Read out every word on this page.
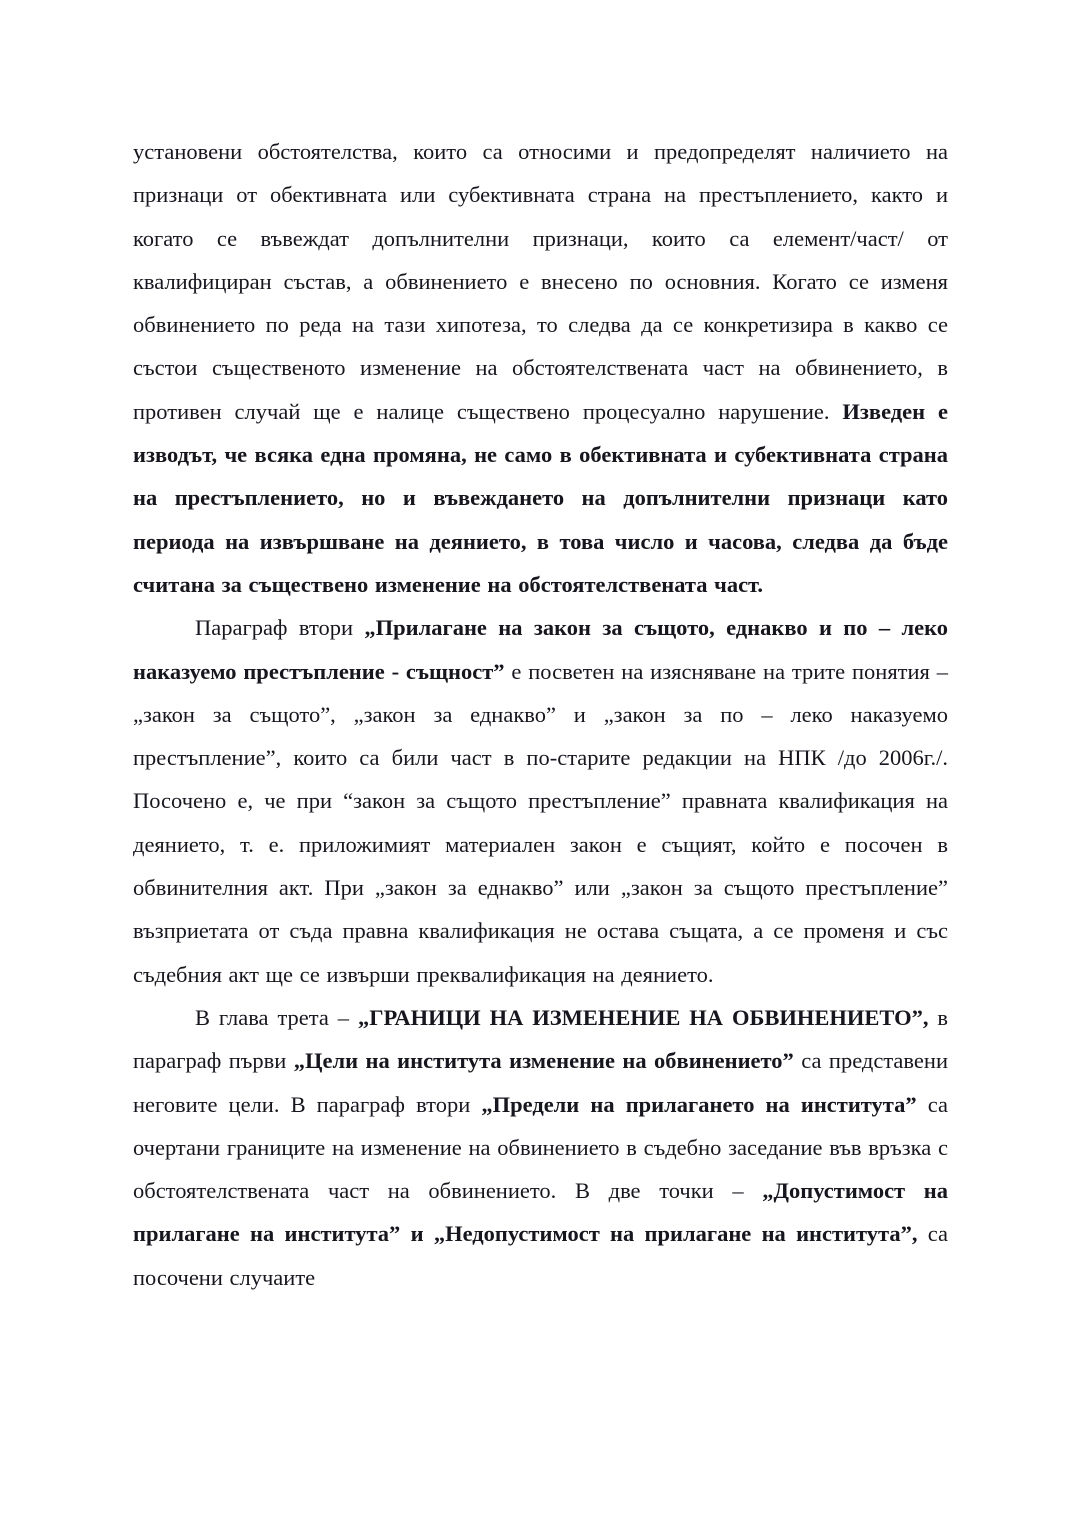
установени обстоятелства, които са относими и предопределят наличието на признаци от обективната или субективната страна на престъплението, както и когато се въвеждат допълнителни признаци, които са елемент/част/ от квалифициран състав, а обвинението е внесено по основния. Когато се изменя обвинението по реда на тази хипотеза, то следва да се конкретизира в какво се състои същественото изменение на обстоятелствената част на обвинението, в противен случай ще е налице съществено процесуално нарушение. Изведен е изводът, че всяка една промяна, не само в обективната и субективната страна на престъплението, но и въвеждането на допълнителни признаци като периода на извършване на деянието, в това число и часова, следва да бъде считана за съществено изменение на обстоятелствената част.

Параграф втори „Прилагане на закон за същото, еднакво и по – леко наказуемо престъпление - същност” е посветен на изясняване на трите понятия – „закон за същото”, „закон за еднакво” и „закон за по – леко наказуемо престъпление”, които са били част в по-старите редакции на НПК /до 2006г./. Посочено е, че при “закон за същото престъпление” правната квалификация на деянието, т. е. приложимият материален закон е същият, който е посочен в обвинителния акт. При „закон за еднакво” или „закон за същото престъпление” възприетата от съда правна квалификация не остава същата, а се променя и със съдебния акт ще се извърши преквалификация на деянието.

В глава трета – „ГРАНИЦИ НА ИЗМЕНЕНИЕ НА ОБВИНЕНИЕТО”, в параграф първи „Цели на института изменение на обвинението” са представени неговите цели. В параграф втори „Предели на прилагането на института” са очертани границите на изменение на обвинението в съдебно заседание във връзка с обстоятелствената част на обвинението. В две точки – „Допустимост на прилагане на института” и „Недопустимост на прилагане на института”, са посочени случаите
